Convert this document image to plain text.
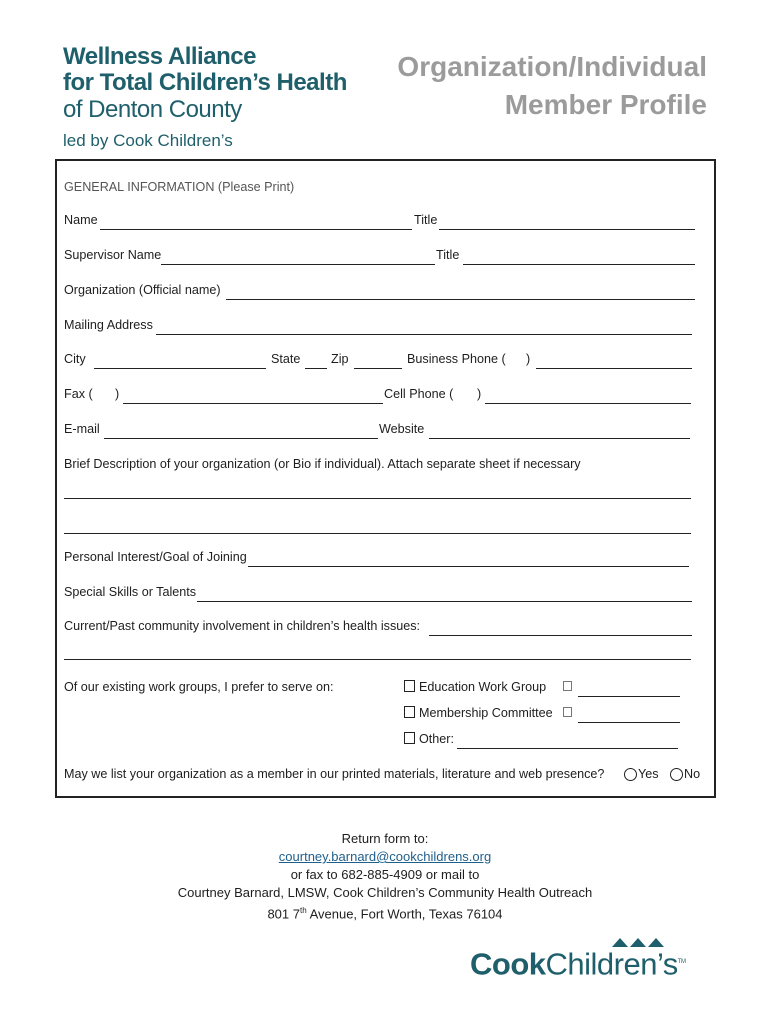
Wellness Alliance
for Total Children’s Health
of Denton County
led by Cook Children’s
Organization/Individual
Member Profile
GENERAL INFORMATION (Please Print)
Name	Title
Supervisor Name	Title
Organization (Official name)
Mailing Address
City	State Zip	Business Phone ( )
Fax ( )	Cell Phone ( )
E-mail	Website
Brief Description of your organization (or Bio if individual). Attach separate sheet if necessary
Personal Interest/Goal of Joining
Special Skills or Talents
Current/Past community involvement in children’s health issues:
Of our existing work groups, I prefer to serve on:	Education Work Group
Membership Committee
Other:
May we list your organization as a member in our printed materials, literature and web presence?	Yes No
Return form to:
courtney.barnard@cookchildrens.org
or fax to 682-885-4909 or mail to
Courtney Barnard, LMSW, Cook Children’s Community Health Outreach
801 7th Avenue, Fort Worth, Texas 76104
CookChildren’s™
